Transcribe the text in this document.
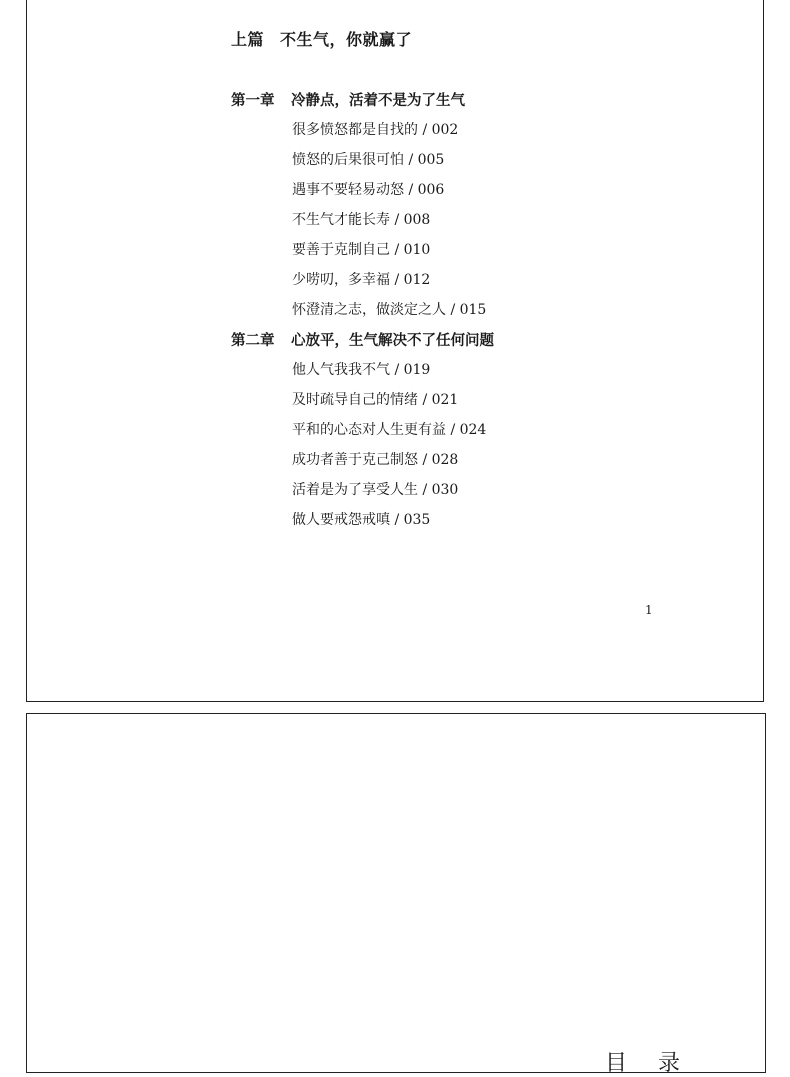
上篇 不生气，你就赢了
第一章 冷静点，活着不是为了生气
很多愤怒都是自找的 / 002
愤怒的后果很可怕 / 005
遇事不要轻易动怒 / 006
不生气才能长寿 / 008
要善于克制自己 / 010
少唠叨，多幸福 / 012
怀澄清之志，做淡定之人 / 015
第二章 心放平，生气解决不了任何问题
他人气我我不气 / 019
及时疏导自己的情绪 / 021
平和的心态对人生更有益 / 024
成功者善于克己制怒 / 028
活着是为了享受人生 / 030
做人要戒怨戒嗔 / 035
1
目 录
